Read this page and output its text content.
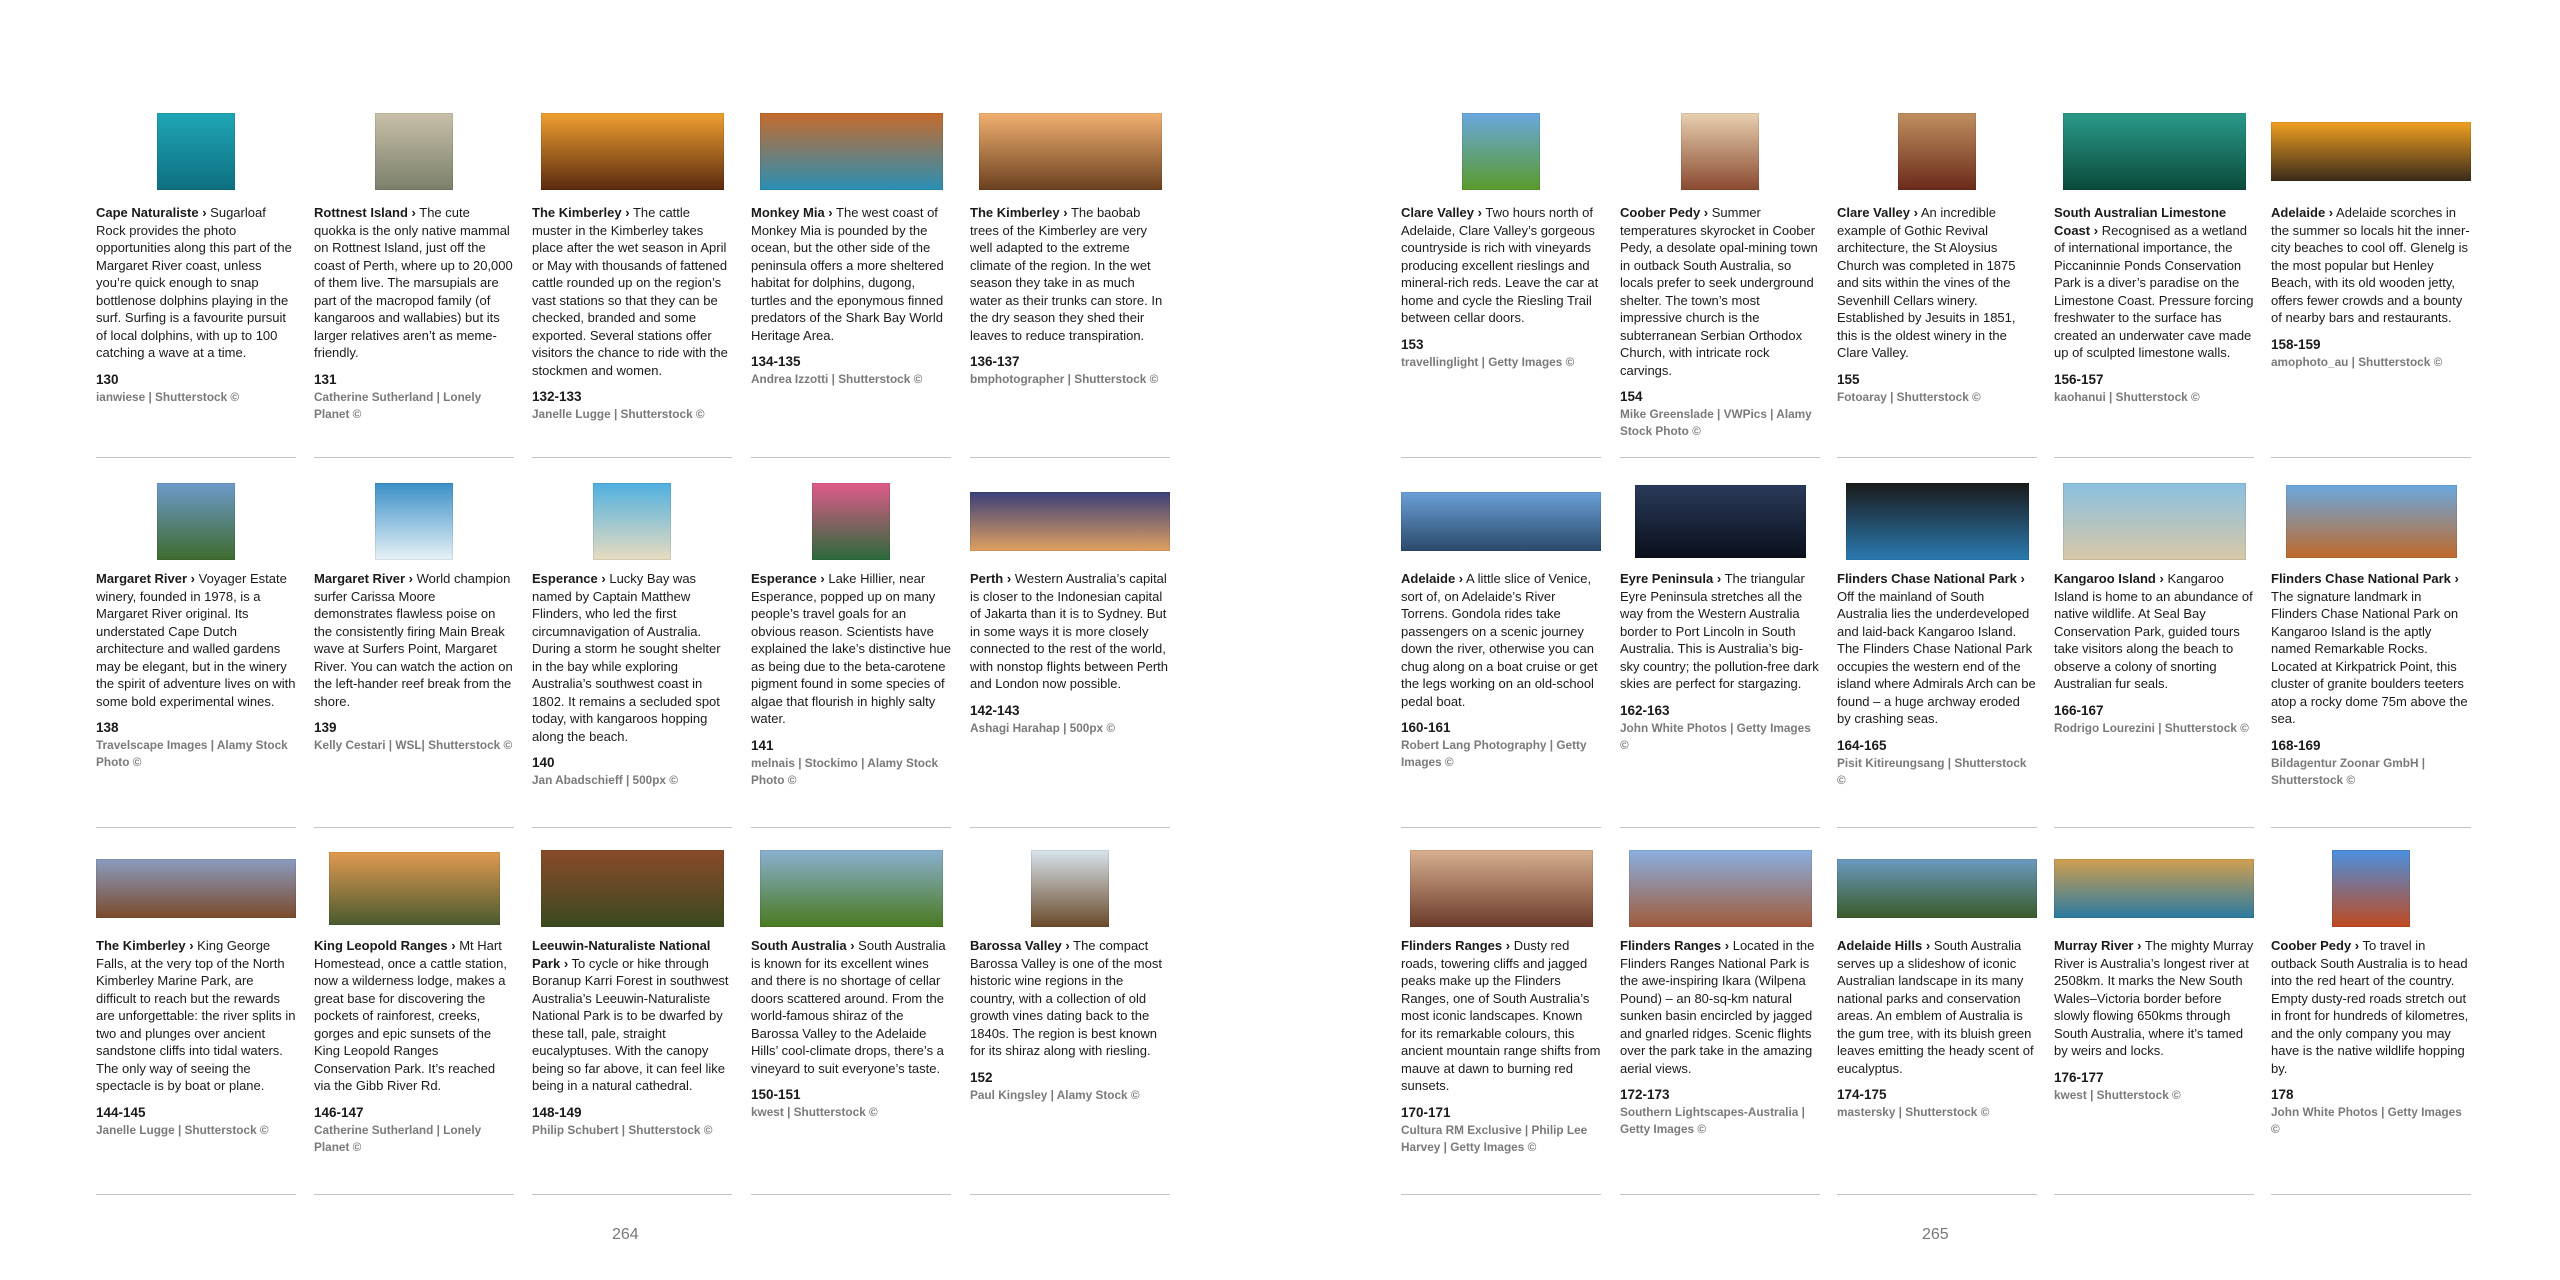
Cape Naturaliste › Sugarloaf Rock provides the photo opportunities along this part of the Margaret River coast, unless you’re quick enough to snap bottlenose dolphins playing in the surf. Surfing is a favourite pursuit of local dolphins, with up to 100 catching a wave at a time.
130
ianwiese | Shutterstock ©
Rottnest Island › The cute quokka is the only native mammal on Rottnest Island, just off the coast of Perth, where up to 20,000 of them live. The marsupials are part of the macropod family (of kangaroos and wallabies) but its larger relatives aren’t as meme-friendly.
131
Catherine Sutherland | Lonely Planet ©
The Kimberley › The cattle muster in the Kimberley takes place after the wet season in April or May with thousands of fattened cattle rounded up on the region’s vast stations so that they can be checked, branded and some exported. Several stations offer visitors the chance to ride with the stockmen and women.
132-133
Janelle Lugge | Shutterstock ©
Monkey Mia › The west coast of Monkey Mia is pounded by the ocean, but the other side of the peninsula offers a more sheltered habitat for dolphins, dugong, turtles and the eponymous finned predators of the Shark Bay World Heritage Area.
134-135
Andrea Izzotti | Shutterstock ©
The Kimberley › The baobab trees of the Kimberley are very well adapted to the extreme climate of the region. In the wet season they take in as much water as their trunks can store. In the dry season they shed their leaves to reduce transpiration.
136-137
bmphotographer | Shutterstock ©
Margaret River › Voyager Estate winery, founded in 1978, is a Margaret River original. Its understated Cape Dutch architecture and walled gardens may be elegant, but in the winery the spirit of adventure lives on with some bold experimental wines.
138
Travelscape Images | Alamy Stock Photo ©
Margaret River › World champion surfer Carissa Moore demonstrates flawless poise on the consistently firing Main Break wave at Surfers Point, Margaret River. You can watch the action on the left-hander reef break from the shore.
139
Kelly Cestari | WSL| Shutterstock ©
Esperance › Lucky Bay was named by Captain Matthew Flinders, who led the first circumnavigation of Australia. During a storm he sought shelter in the bay while exploring Australia’s southwest coast in 1802. It remains a secluded spot today, with kangaroos hopping along the beach.
140
Jan Abadschieff | 500px ©
Esperance › Lake Hillier, near Esperance, popped up on many people’s travel goals for an obvious reason. Scientists have explained the lake’s distinctive hue as being due to the beta-carotene pigment found in some species of algae that flourish in highly salty water.
141
melnais | Stockimo | Alamy Stock Photo ©
Perth › Western Australia’s capital is closer to the Indonesian capital of Jakarta than it is to Sydney. But in some ways it is more closely connected to the rest of the world, with nonstop flights between Perth and London now possible.
142-143
Ashagi Harahap | 500px ©
The Kimberley › King George Falls, at the very top of the North Kimberley Marine Park, are difficult to reach but the rewards are unforgettable: the river splits in two and plunges over ancient sandstone cliffs into tidal waters. The only way of seeing the spectacle is by boat or plane.
144-145
Janelle Lugge | Shutterstock ©
King Leopold Ranges › Mt Hart Homestead, once a cattle station, now a wilderness lodge, makes a great base for discovering the pockets of rainforest, creeks, gorges and epic sunsets of the King Leopold Ranges Conservation Park. It’s reached via the Gibb River Rd.
146-147
Catherine Sutherland | Lonely Planet ©
Leeuwin-Naturaliste National Park › To cycle or hike through Boranup Karri Forest in southwest Australia’s Leeuwin-Naturaliste National Park is to be dwarfed by these tall, pale, straight eucalyptuses. With the canopy being so far above, it can feel like being in a natural cathedral.
148-149
Philip Schubert | Shutterstock ©
South Australia › South Australia is known for its excellent wines and there is no shortage of cellar doors scattered around. From the world-famous shiraz of the Barossa Valley to the Adelaide Hills’ cool-climate drops, there’s a vineyard to suit everyone’s taste.
150-151
kwest | Shutterstock ©
Barossa Valley › The compact Barossa Valley is one of the most historic wine regions in the country, with a collection of old growth vines dating back to the 1840s. The region is best known for its shiraz along with riesling.
152
Paul Kingsley | Alamy Stock ©
264
Clare Valley › Two hours north of Adelaide, Clare Valley’s gorgeous countryside is rich with vineyards producing excellent rieslings and mineral-rich reds. Leave the car at home and cycle the Riesling Trail between cellar doors.
153
travellinglight | Getty Images ©
Coober Pedy › Summer temperatures skyrocket in Coober Pedy, a desolate opal-mining town in outback South Australia, so locals prefer to seek underground shelter. The town’s most impressive church is the subterranean Serbian Orthodox Church, with intricate rock carvings.
154
Mike Greenslade | VWPics | Alamy Stock Photo ©
Clare Valley › An incredible example of Gothic Revival architecture, the St Aloysius Church was completed in 1875 and sits within the vines of the Sevenhill Cellars winery. Established by Jesuits in 1851, this is the oldest winery in the Clare Valley.
155
Fotoaray | Shutterstock ©
South Australian Limestone Coast › Recognised as a wetland of international importance, the Piccaninnie Ponds Conservation Park is a diver’s paradise on the Limestone Coast. Pressure forcing freshwater to the surface has created an underwater cave made up of sculpted limestone walls.
156-157
kaohanui | Shutterstock ©
Adelaide › Adelaide scorches in the summer so locals hit the inner-city beaches to cool off. Glenelg is the most popular but Henley Beach, with its old wooden jetty, offers fewer crowds and a bounty of nearby bars and restaurants.
158-159
amophoto_au | Shutterstock ©
Adelaide › A little slice of Venice, sort of, on Adelaide’s River Torrens. Gondola rides take passengers on a scenic journey down the river, otherwise you can chug along on a boat cruise or get the legs working on an old-school pedal boat.
160-161
Robert Lang Photography | Getty Images ©
Eyre Peninsula › The triangular Eyre Peninsula stretches all the way from the Western Australia border to Port Lincoln in South Australia. This is Australia’s big-sky country; the pollution-free dark skies are perfect for stargazing.
162-163
John White Photos | Getty Images ©
Flinders Chase National Park › Off the mainland of South Australia lies the underdeveloped and laid-back Kangaroo Island. The Flinders Chase National Park occupies the western end of the island where Admirals Arch can be found – a huge archway eroded by crashing seas.
164-165
Pisit Kitireungsang | Shutterstock ©
Kangaroo Island › Kangaroo Island is home to an abundance of native wildlife. At Seal Bay Conservation Park, guided tours take visitors along the beach to observe a colony of snorting Australian fur seals.
166-167
Rodrigo Lourezini | Shutterstock ©
Flinders Chase National Park › The signature landmark in Flinders Chase National Park on Kangaroo Island is the aptly named Remarkable Rocks. Located at Kirkpatrick Point, this cluster of granite boulders teeters atop a rocky dome 75m above the sea.
168-169
Bildagentur Zoonar GmbH | Shutterstock ©
Flinders Ranges › Dusty red roads, towering cliffs and jagged peaks make up the Flinders Ranges, one of South Australia’s most iconic landscapes. Known for its remarkable colours, this ancient mountain range shifts from mauve at dawn to burning red sunsets.
170-171
Cultura RM Exclusive | Philip Lee Harvey | Getty Images ©
Flinders Ranges › Located in the Flinders Ranges National Park is the awe-inspiring Ikara (Wilpena Pound) – an 80-sq-km natural sunken basin encircled by jagged and gnarled ridges. Scenic flights over the park take in the amazing aerial views.
172-173
Southern Lightscapes-Australia | Getty Images ©
Adelaide Hills › South Australia serves up a slideshow of iconic Australian landscape in its many national parks and conservation areas. An emblem of Australia is the gum tree, with its bluish green leaves emitting the heady scent of eucalyptus.
174-175
mastersky | Shutterstock ©
Murray River › The mighty Murray River is Australia’s longest river at 2508km. It marks the New South Wales–Victoria border before slowly flowing 650kms through South Australia, where it’s tamed by weirs and locks.
176-177
kwest | Shutterstock ©
Coober Pedy › To travel in outback South Australia is to head into the red heart of the country. Empty dusty-red roads stretch out in front for hundreds of kilometres, and the only company you may have is the native wildlife hopping by.
178
John White Photos | Getty Images ©
265
